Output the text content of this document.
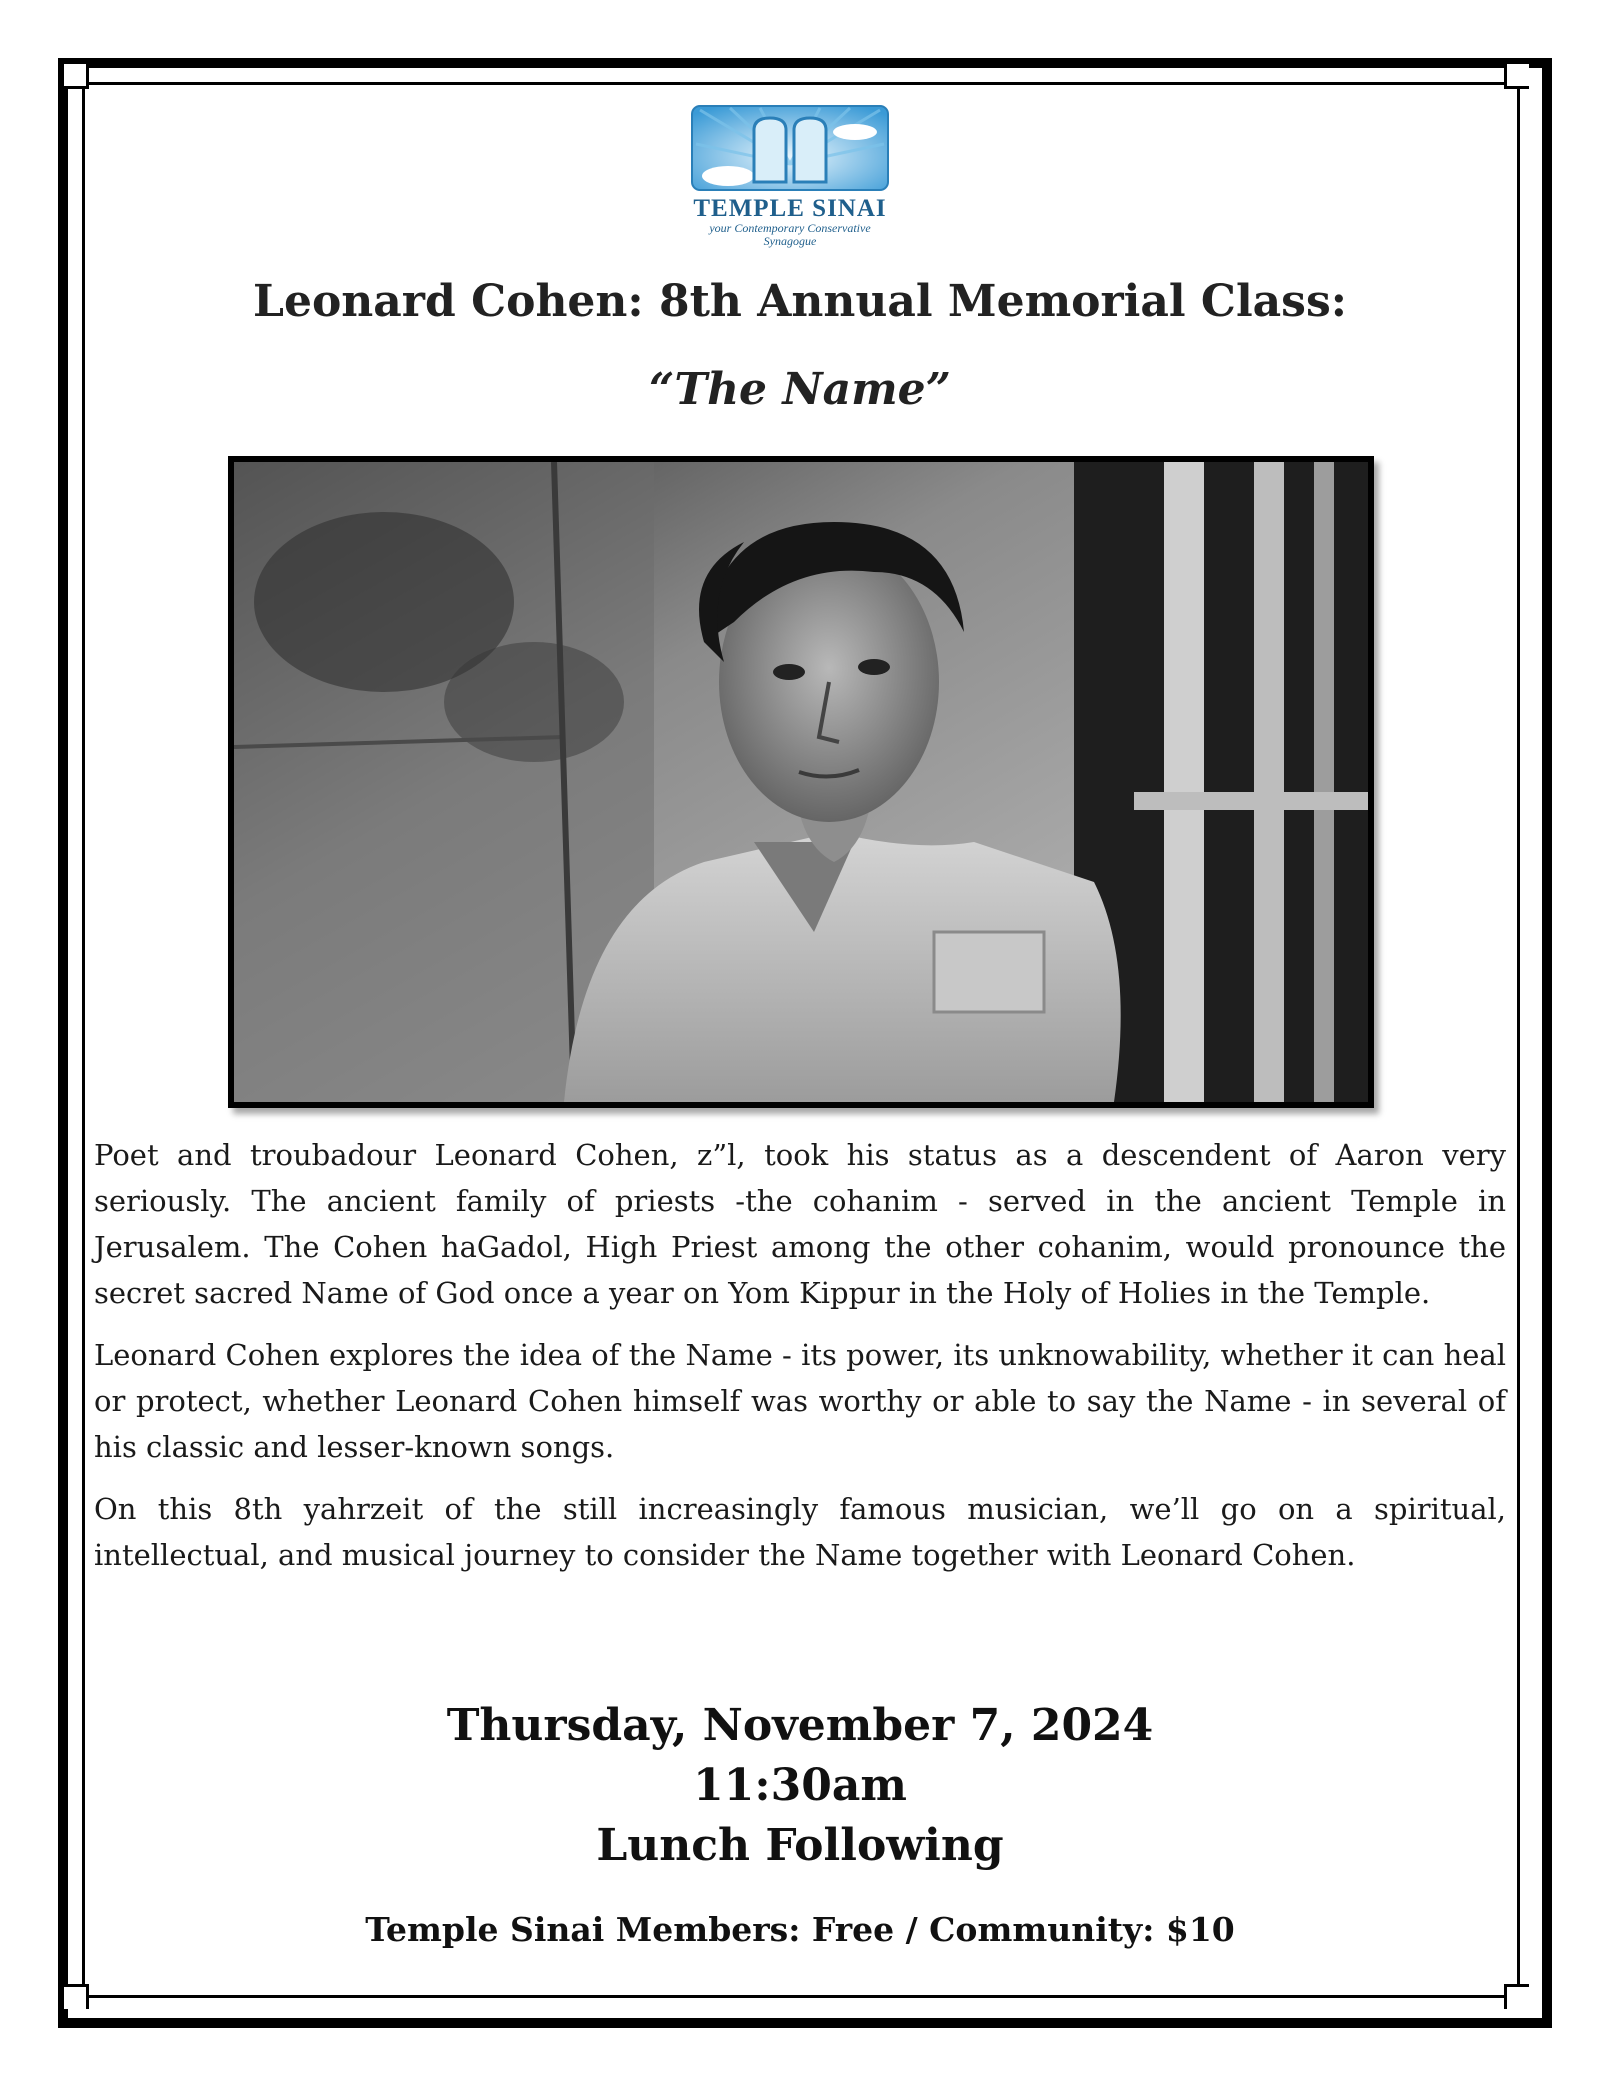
TEMPLE SINAI
your Contemporary Conservative
Synagogue
Leonard Cohen: 8th Annual Memorial Class:
“The Name”

Poet and troubadour Leonard Cohen, z”l, took his status as a descendent of Aaron very seriously. The ancient family of priests -the cohanim - served in the ancient Temple in Jerusalem. The Cohen haGadol, High Priest among the other cohanim, would pronounce the secret sacred Name of God once a year on Yom Kippur in the Holy of Holies in the Temple.

Leonard Cohen explores the idea of the Name - its power, its unknowability, whether it can heal or protect, whether Leonard Cohen himself was worthy or able to say the Name - in several of his classic and lesser-known songs.

On this 8th yahrzeit of the still increasingly famous musician, we’ll go on a spiritual, intellectual, and musical journey to consider the Name together with Leonard Cohen.

Thursday, November 7, 2024
11:30am
Lunch Following
Temple Sinai Members: Free / Community: $10
